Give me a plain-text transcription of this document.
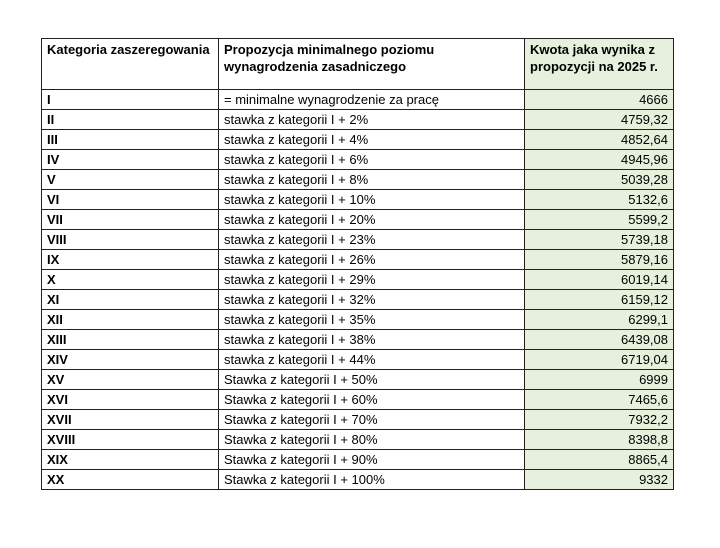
Kategoria zaszeregowania	Propozycja minimalnego poziomu wynagrodzenia zasadniczego	Kwota jaka wynika z propozycji na 2025 r.
I	= minimalne wynagrodzenie za pracę	4666
II	stawka z kategorii I + 2%	4759,32
III	stawka z kategorii I + 4%	4852,64
IV	stawka z kategorii I + 6%	4945,96
V	stawka z kategorii I + 8%	5039,28
VI	stawka z kategorii I + 10%	5132,6
VII	stawka z kategorii I + 20%	5599,2
VIII	stawka z kategorii I + 23%	5739,18
IX	stawka z kategorii I + 26%	5879,16
X	stawka z kategorii I + 29%	6019,14
XI	stawka z kategorii I + 32%	6159,12
XII	stawka z kategorii I + 35%	6299,1
XIII	stawka z kategorii I + 38%	6439,08
XIV	stawka z kategorii I + 44%	6719,04
XV	Stawka z kategorii I + 50%	6999
XVI	Stawka z kategorii I + 60%	7465,6
XVII	Stawka z kategorii I + 70%	7932,2
XVIII	Stawka z kategorii I + 80%	8398,8
XIX	Stawka z kategorii I + 90%	8865,4
XX	Stawka z kategorii I + 100%	9332
